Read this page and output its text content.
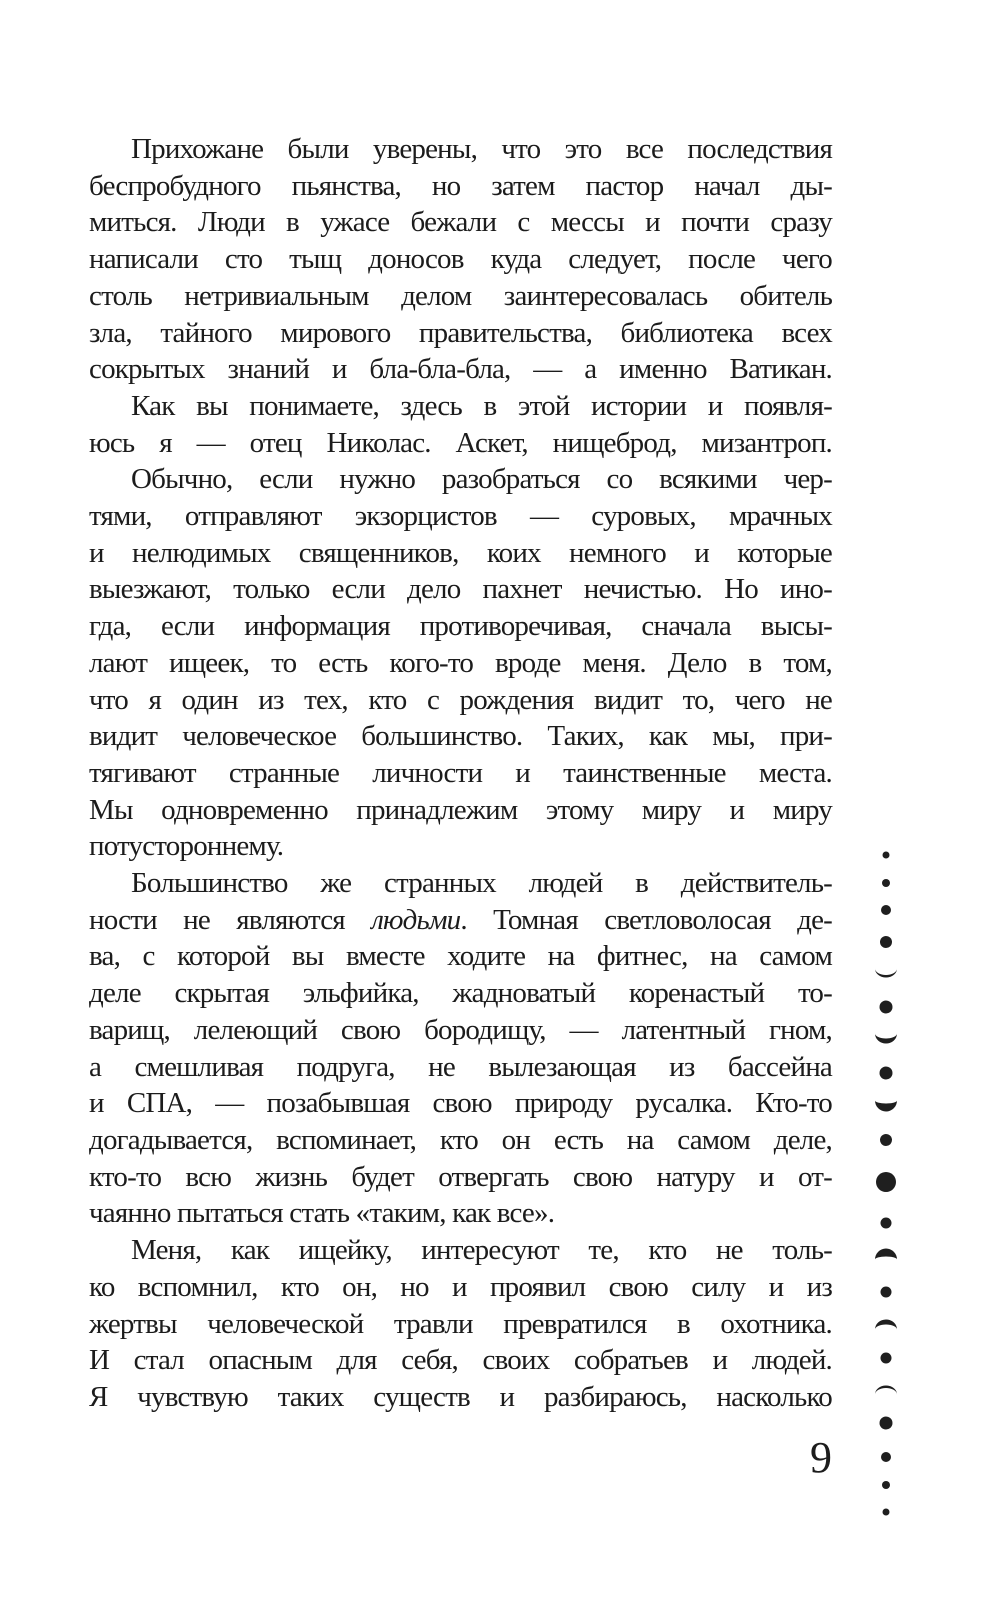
Прихожане были уверены, что это все последствия
беспробудного пьянства, но затем пастор начал ды-
миться. Люди в ужасе бежали с мессы и почти сразу
написали сто тыщ доносов куда следует, после чего
столь нетривиальным делом заинтересовалась обитель
зла, тайного мирового правительства, библиотека всех
сокрытых знаний и бла-бла-бла, — а именно Ватикан.
Как вы понимаете, здесь в этой истории и появля-
юсь я — отец Николас. Аскет, нищеброд, мизантроп.
Обычно, если нужно разобраться со всякими чер-
тями, отправляют экзорцистов — суровых, мрачных
и нелюдимых священников, коих немного и которые
выезжают, только если дело пахнет нечистью. Но ино-
гда, если информация противоречивая, сначала высы-
лают ищеек, то есть кого-то вроде меня. Дело в том,
что я один из тех, кто с рождения видит то, чего не
видит человеческое большинство. Таких, как мы, при-
тягивают странные личности и таинственные места.
Мы одновременно принадлежим этому миру и миру
потустороннему.
Большинство же странных людей в действитель-
ности не являются людьми. Томная светловолосая де-
ва, с которой вы вместе ходите на фитнес, на самом
деле скрытая эльфийка, жадноватый коренастый то-
варищ, лелеющий свою бородищу, — латентный гном,
а смешливая подруга, не вылезающая из бассейна
и СПА, — позабывшая свою природу русалка. Кто-то
догадывается, вспоминает, кто он есть на самом деле,
кто-то всю жизнь будет отвергать свою натуру и от-
чаянно пытаться стать «таким, как все».
Меня, как ищейку, интересуют те, кто не толь-
ко вспомнил, кто он, но и проявил свою силу и из
жертвы человеческой травли превратился в охотника.
И стал опасным для себя, своих собратьев и людей.
Я чувствую таких существ и разбираюсь, насколько
9
